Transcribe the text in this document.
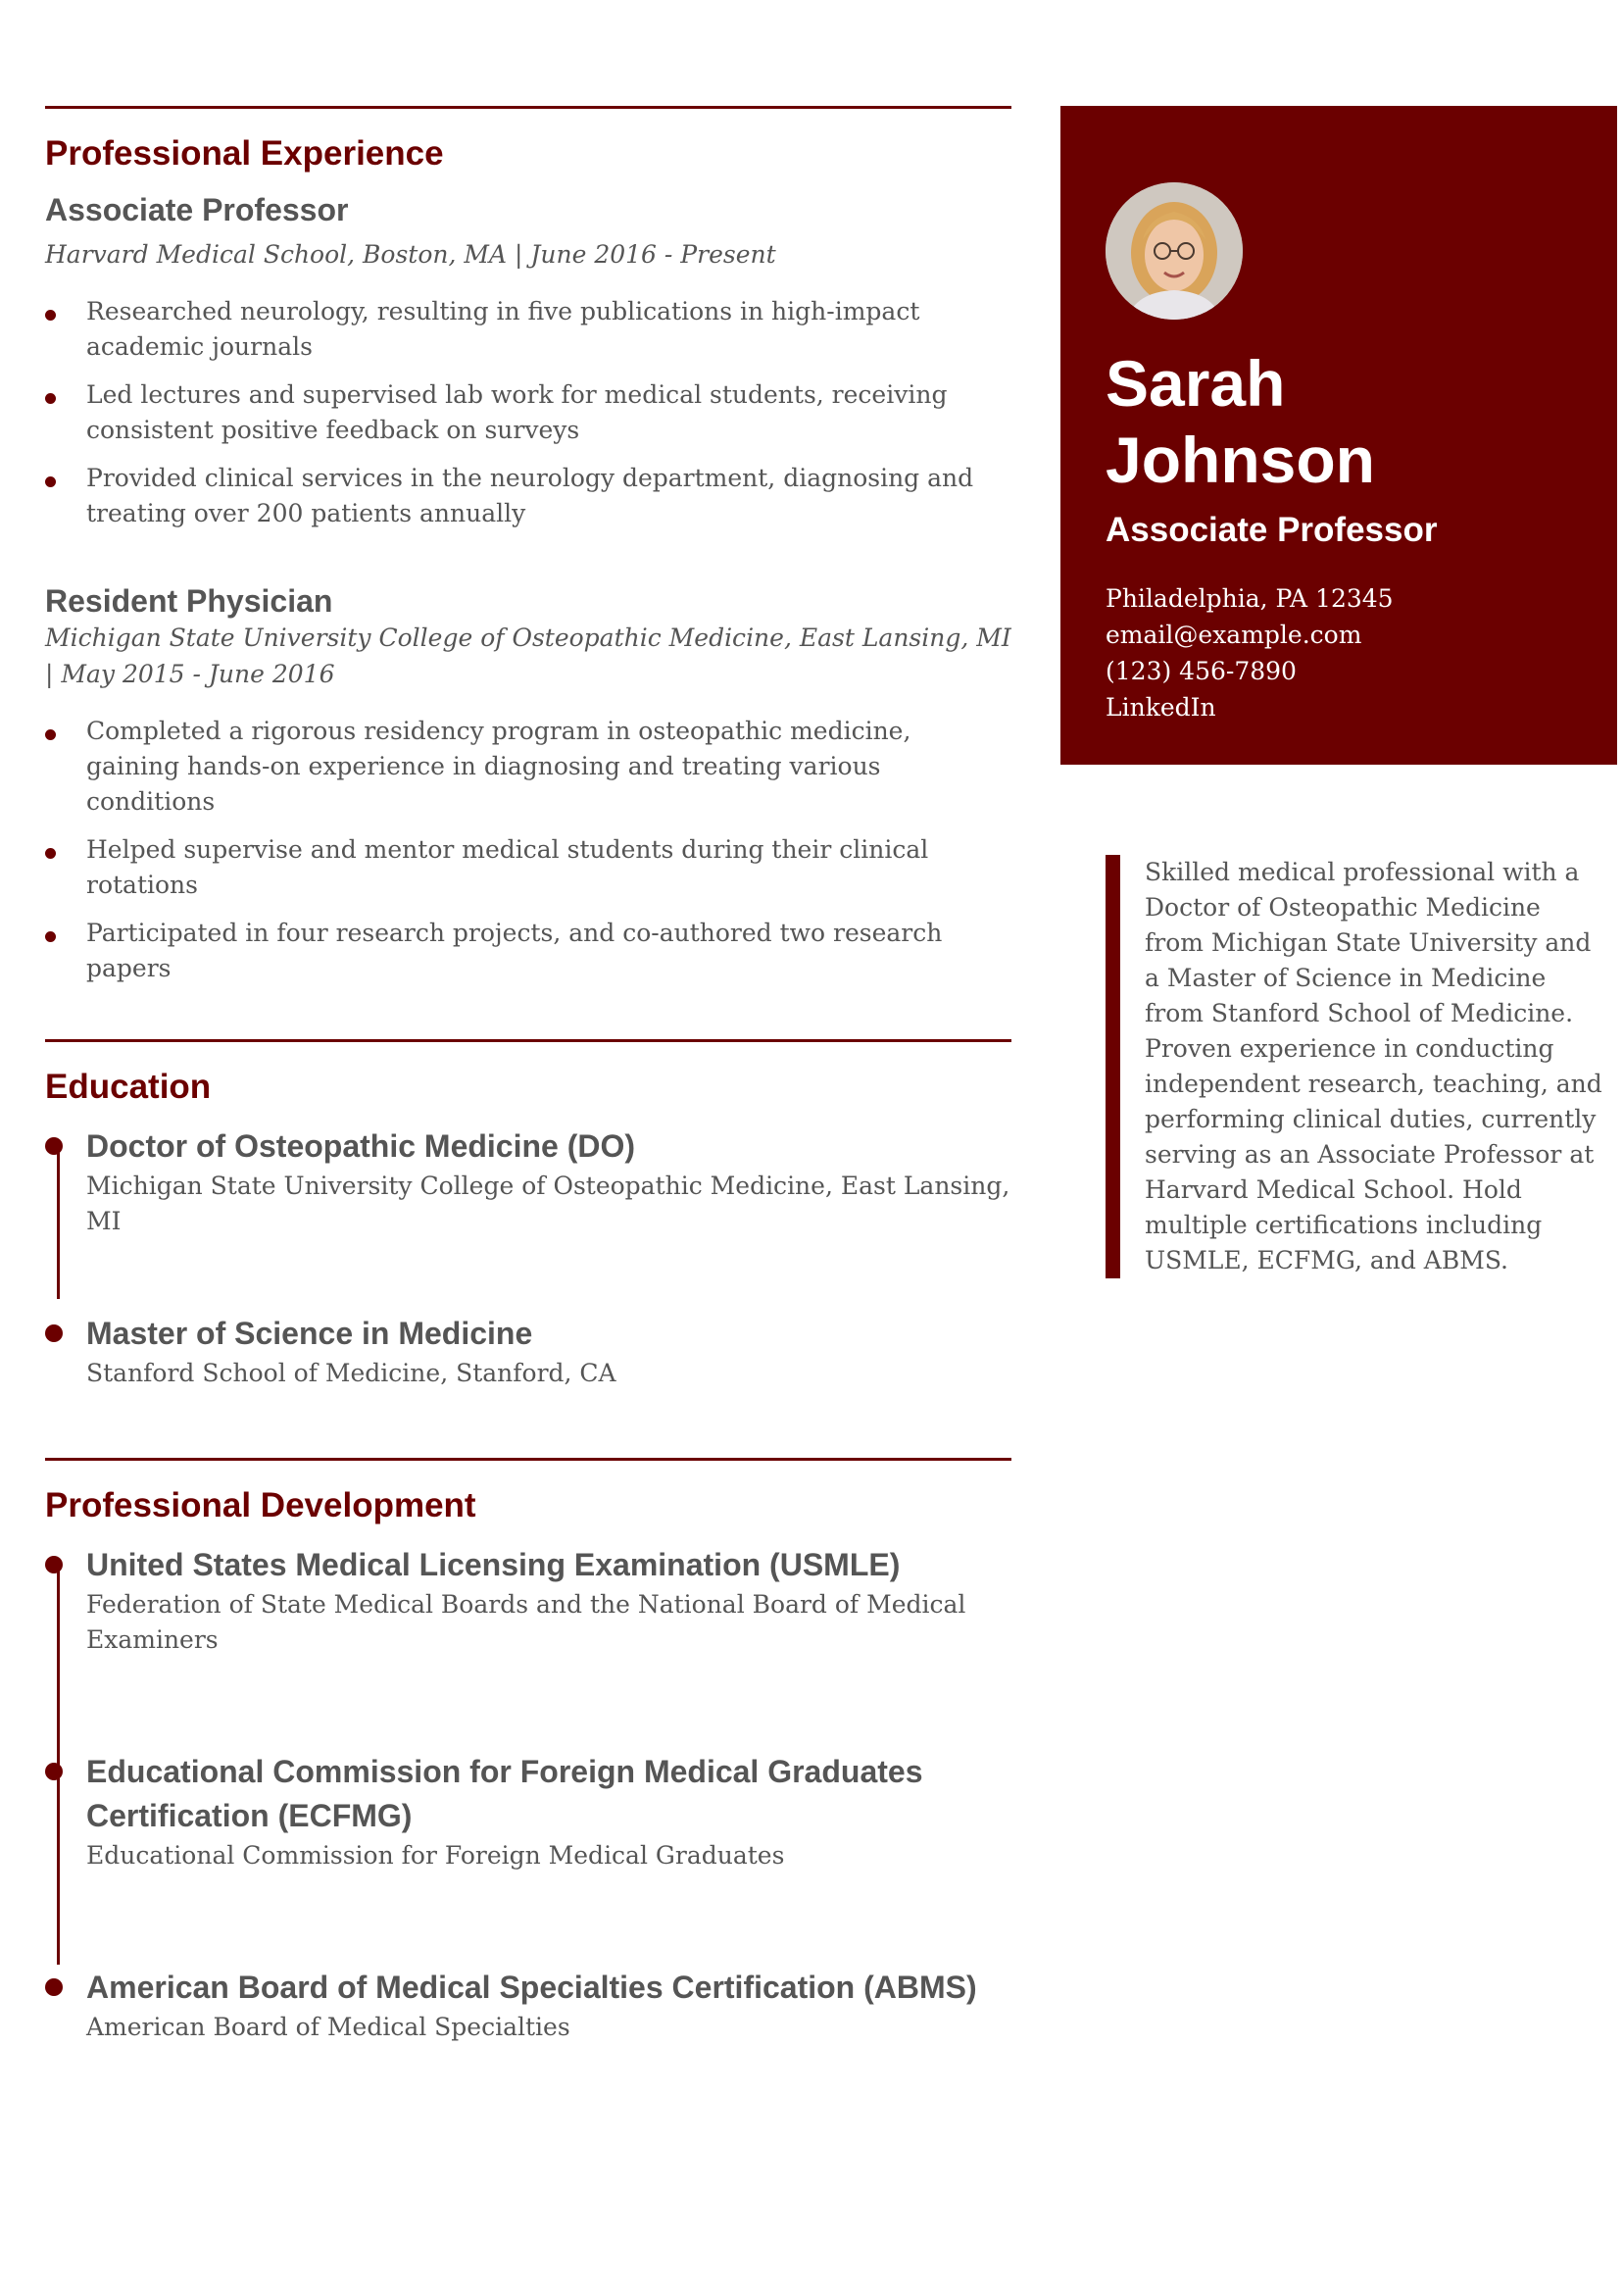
Professional Experience
Associate Professor
Harvard Medical School, Boston, MA | June 2016 - Present
Researched neurology, resulting in five publications in high-impact academic journals
Led lectures and supervised lab work for medical students, receiving consistent positive feedback on surveys
Provided clinical services in the neurology department, diagnosing and treating over 200 patients annually
Resident Physician
Michigan State University College of Osteopathic Medicine, East Lansing, MI | May 2015 - June 2016
Completed a rigorous residency program in osteopathic medicine, gaining hands-on experience in diagnosing and treating various conditions
Helped supervise and mentor medical students during their clinical rotations
Participated in four research projects, and co-authored two research papers
Education
Doctor of Osteopathic Medicine (DO)
Michigan State University College of Osteopathic Medicine, East Lansing, MI
Master of Science in Medicine
Stanford School of Medicine, Stanford, CA
Professional Development
United States Medical Licensing Examination (USMLE)
Federation of State Medical Boards and the National Board of Medical Examiners
Educational Commission for Foreign Medical Graduates Certification (ECFMG)
Educational Commission for Foreign Medical Graduates
American Board of Medical Specialties Certification (ABMS)
American Board of Medical Specialties
Sarah
Johnson
Associate Professor
Philadelphia, PA 12345
email@example.com
(123) 456-7890
LinkedIn
Skilled medical professional with a Doctor of Osteopathic Medicine from Michigan State University and a Master of Science in Medicine from Stanford School of Medicine. Proven experience in conducting independent research, teaching, and performing clinical duties, currently serving as an Associate Professor at Harvard Medical School. Hold multiple certifications including USMLE, ECFMG, and ABMS.
